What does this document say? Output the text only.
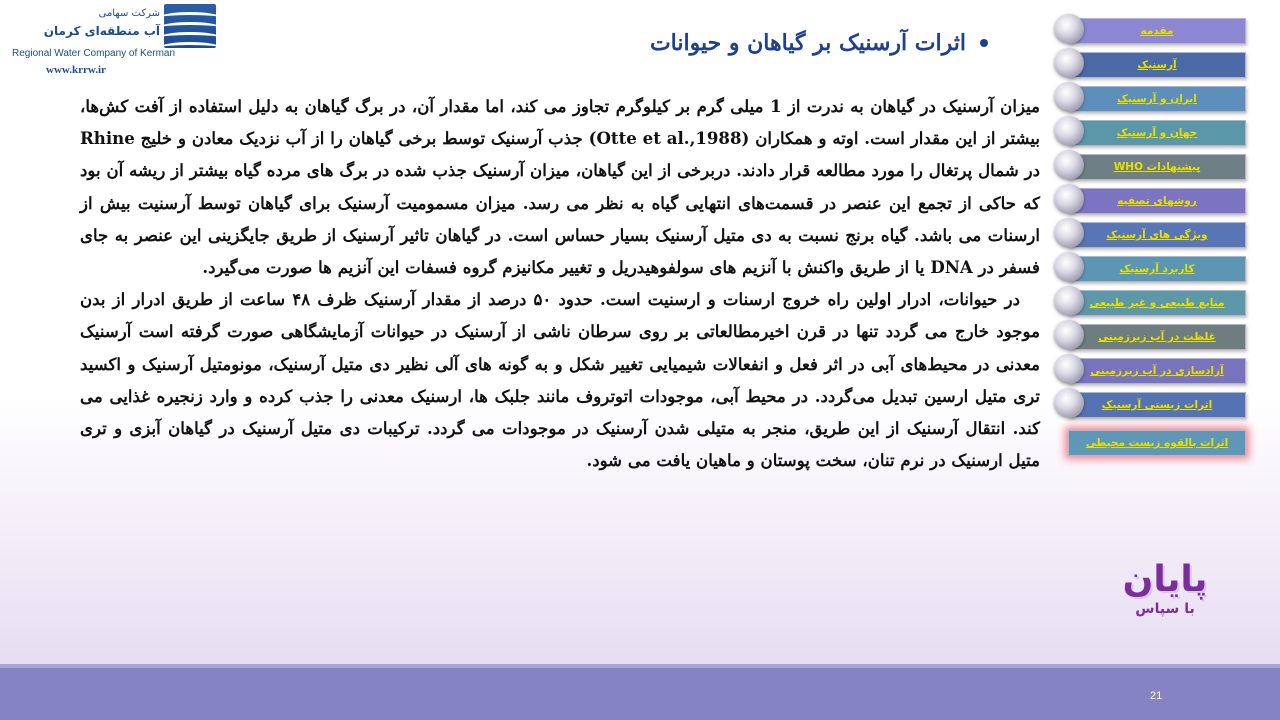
شرکت سهامی
آب منطقه‌ای کرمان
Regional Water Company of Kerman
www.krrw.ir
اثرات آرسنیک بر گیاهان و حیوانات

میزان آرسنیک در گیاهان به ندرت از 1 میلی گرم بر کیلوگرم تجاوز می کند، اما مقدار آن، در برگ گیاهان به دلیل استفاده از آفت کش‌ها، بیشتر از این مقدار است. اوته و همکاران (Otte et al.,1988) جذب آرسنیک توسط برخی گیاهان را از آب نزدیک معادن و خلیج Rhine در شمال پرتغال را مورد مطالعه قرار دادند. دربرخی از این گیاهان، میزان آرسنیک جذب شده در برگ های مرده گیاه بیشتر از ریشه آن بود که حاکی از تجمع این عنصر در قسمت‌های انتهایی گیاه به نظر می رسد. میزان مسمومیت آرسنیک برای گیاهان توسط آرسنیت بیش از ارسنات می باشد. گیاه برنج نسبت به دی متیل آرسنیک بسیار حساس است. در گیاهان تاثیر آرسنیک از طریق جایگزینی این عنصر به جای فسفر در DNA یا از طریق واکنش با آنزیم های سولفوهیدریل و تغییر مکانیزم گروه فسفات این آنزیم ها صورت می‌گیرد.

در حیوانات، ادرار اولین راه خروج ارسنات و ارسنیت است. حدود ۵۰ درصد از مقدار آرسنیک ظرف ۴۸ ساعت از طریق ادرار از بدن موجود خارج می گردد تنها در قرن اخیرمطالعاتی بر روی سرطان ناشی از آرسنیک در حیوانات آزمایشگاهی صورت گرفته است آرسنیک معدنی در محیط‌های آبی در اثر فعل و انفعالات شیمیایی تغییر شکل و به گونه های آلی نظیر دی متیل آرسنیک، مونومتیل آرسنیک و اکسید تری متیل ارسین تبدیل می‌گردد. در محیط آبی، موجودات اتوتروف مانند جلبک ها، ارسنیک معدنی را جذب کرده و وارد زنجیره غذایی می کند. انتقال آرسنیک از این طریق، منجر به متیلی شدن آرسنیک در موجودات می گردد. ترکیبات دی متیل آرسنیک در گیاهان آبزی و تری متیل ارسنیک در نرم تنان، سخت پوستان و ماهیان یافت می شود.

مقدمه
آرسنیک
ایران و آرسنیک
جهان و آرسنیک
پیشنهادات WHO
روشهای تصفیه
ویژگی های آرسنیک
کاربرد آرسنیک
منابع طبیعی و غیر طبیعی
غلظت در آب زیرزمینی
آزادسازی در آب زیرزمینی
اثرات زیستی آرسنیک
اثرات بالقوه زیست محیطی
پایان
با سپاس
21
